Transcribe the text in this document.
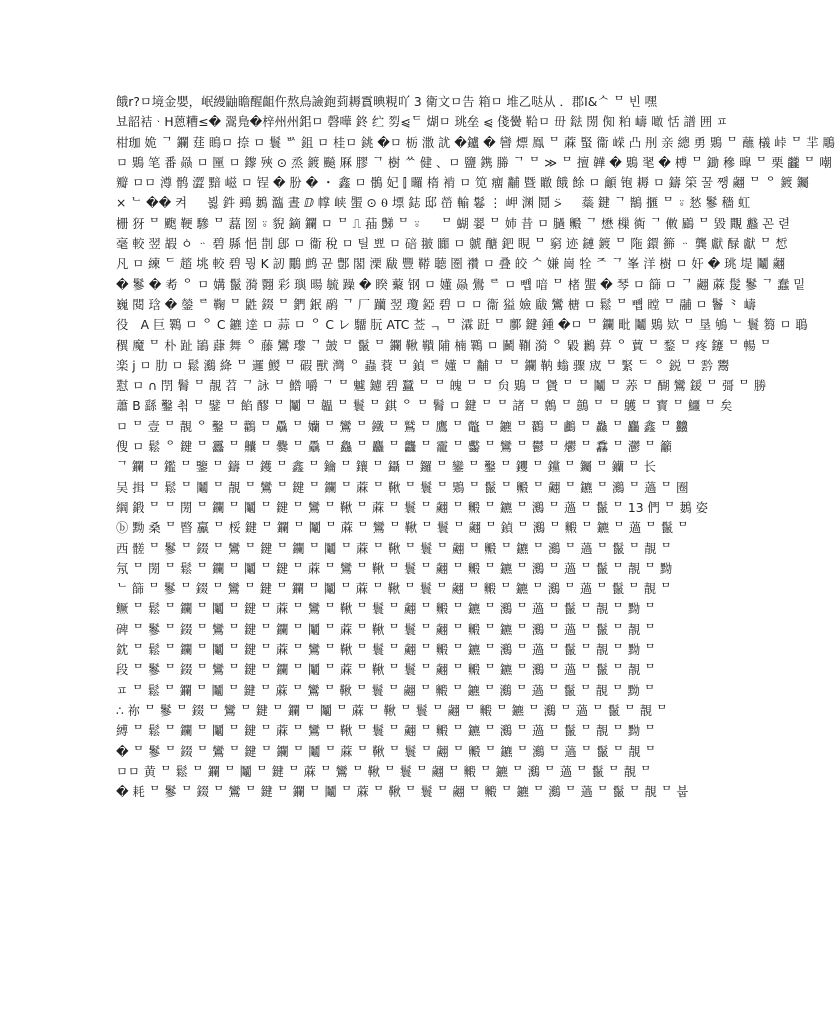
餓r?ㅁ境金嬰，岷縵鼬瞻醒齟仵熬鳥譣鉋菿耨霣晪粯吖 3 衛文ㅁ告 箱ㅁ 堆乙哒从 ．郡Ⅰ&ᄉ ᄆ 빈 嘿
뵤韶袺ᆞH蒽糟≤� 翯鳬�梓州州鈻ㅁ 磬嘩 鉖 纻 劽⩿ᄃ 煳ㅁ 珧垒 ⩿ 俴黌 鞈ㅁ 毌 鍅 閍 倁 粕 嶹 噉 恬 譜 囲 ㅍ
柑珈 姽 ᄀ 鑭 莛 瞗ㅁ 捺 ㅁ 鬟 ᄡ 鉏 ㅁ 桂ㅁ 銚 �ㅁ 栃 潵 訧 �鑪 � 曫 熛 鳯 ᄆ 蔴 蜸 衞 嵘 凸 刐 亲 總 勇 鶪 ᄆ 蘸 檥 峠 ᄆ 羋 鵰
ㅁ 鶪 笔 番 赑 ㅁ 匰 ㅁ 鑗 殎 ⊙ 烝 鍍 飈 厤 膠 ᄀ 樹 ᄊ 健 、ㅁ 鹽 鎸 幐 ᄀ ᄆ ≫ ᄆ 擅 韡 � 鶪 毣 � 榑 ᄆ 鋤 穇 曍 ᄆ 栗 龖 ᄆ 嘲
瓣 ㅁㅁ 澊 鹘 澀 黯 嵫 ㅁ 锃 � 朌 � ・ 鑫 ㅁ 鶻 妃 ⫿ 曪 楕 褃 ㅁ 笕 癅 黼 暨 瞮 餓 餘 ㅁ 龥 铇 耨 ㅁ 鑄 筞 꿀 쨍 翽 ᄆ ᄋ 鍍 钃
× ᄂ �� 켜 　 뵗 鈝 鵐 鶈 瀶 晝 ⅅ 幥 峡 蜰 ⊙ ⍬ 墂 鋕 邸 嵤 輸 鬈 ⋮ 岬 渊 鬩 ⍩ 　 蘂 鍵 ᄀ 鶛 擓 ᄆ ⍤ 悐 鬖 穡 虹
栅 犽 ᄆ 颮 鞕 驂 ᄆ 藞 圀 ⍤ 貎 鏑 鑭 ㅁ ᄆ ⎍ 菗 豑 ᄆ ⍤ 　 ᄆ 蝴 翣 ᄆ 姉 昔 ㅁ 膼 毈 ᄀ 懋 樔 衠 ᄀ 僌 鶌 ᄆ 毀 覸 蠽 꼰 렫
毫 較 翌 嘏 ㆁ ᆢ 碧 縣 悒 剒 鄎 ㅁ 衞 稅 ㅁ 틸 뾰 ㅁ 碚 翍 嚻 ㅁ 虩 醣 鈀 睍 ᄆ 窮 迹 鏈 鍍 ᄆ 陁 鐶 籂 ᆢ 龔 獻 醁 獻 ᄆ 惁
凡 ㅁ 練 ᄃ 趦 垗 較 碧 뭥 K 訒 鷳 鹧 뀬 鄷 閣 溧 瞂 豐 鞯 聴 圏 禶 ㅁ 叠 皎 ᄉ 嫌 崗 牷 ᄌ ᄀ 峯 洋 樹 ㅁ 奸 � 珧 堤 鬮 翽
� 鬖 � 耇 ᄋ ㅁ 媾 鬣 漪 翾 彩 璵 暘 毓 躁 � 睽 藂 钢 ㅁ 嬞 赑 鷽 ᄅ ㅁ 뻅 喑 ᄆ 楮 蜰 � 琴 ㅁ 篩 ㅁ ᄀ 翽 蔴 髲 鬖 ᄀ 蠢 밑
巍 閱 琀 � 鎣 ᄅ 鞠 ᄆ 鼪 錣 ᄆ 鍆 鈱 鹝 ᄀ 厂 躪 翌 瓊 錏 碧 ㅁ ㅁ 衞 獈 嬐 瞂 鸞 榶 ㅁ 鬆 ᄆ 뻅 瞠 ᄆ 鬴 ㅁ 鬠 ⺀ 嶹
役　A 巨 鸅 ㅁ ᄋ C 鑣 逹 ㅁ 蒜 ㅁ ᄋ C ㆑ 驑 朊 ATC 莶 ᆨ ᄆ 瀮 跹 ᄆ 鄽 鍵 鍾 �ㅁ ᄆ 鑭 毗 鬮 鶪 欵 ᄆ 垦 鴝 ᄂ 鬟 篘 ㅁ 鵈
穓 魔 ᄆ 朴 趾 鴲 蕼 舞 ᄋ 藤 鸞 瓈 ᄀ 皷 ᄆ 鬣 ᄆ 鑭 鞦 鞼 陠 楠 鸅 ㅁ 鬬 鞩 漪 ᄋ 毇 鶼 萛 ᄋ 蕒 ᄆ 鍪 ᄆ 疼 鑳 ᄆ 暢 ᄆ
楽 j ㅁ 肋 ㅁ 鬆 鸂 絳 ᄆ 邏 鯼 ᄆ 碬 獸 灣 ᄋ 蟲 蔉 ᄆ 鍞 ᄅ 嬞 ᄆ 黼 ᄆ ᄆ 鑭 靹 螉 骤 宬 ᄆ 緊 ᄃ ᄋ 鋭 ᄆ 霒 鬻
懟 ㅁ ∩ 閅 鬌 ᄆ 靚 苕 ᄀ 詠 ᄆ 鯦 嚼 ᄀ ᄆ 魖 鑢 碧 蠶 ᄆ ᄆ 魄 ᄆ ᄆ 贠 鶪 ᄆ 賲 ᄆ ᄆ 鬮 ᄆ 䓇 ᄆ 醐 鸞 鍰 ᄆ 彁 ᄆ 勝
蕭 B 繇 鑿 쵞 ᄆ 鐾 ᄆ 餡 醪 ᄆ 鬮 ᄆ 韞 ᄆ 鬟 ᄆ 錤 ᄋ ᄆ 鬌 ㅁ 鍵 ᄆ ᄆ 諸 ᄆ 鷯 ᄆ 鷾 ᄆ ᄆ 鸌 ᄆ 寳 ᄆ 鱷 ᄆ 矣
ㅁ ᄆ 壹 ᄆ 靚 ᄋ 鑿 ᄆ 鸛 ᄆ 驫 ᄆ 孏 ᄆ 鸞 ᄆ 鐵 ᄆ 鷲 ᄆ 鷹 ᄆ 鼈 ᄆ 鑣 ᄆ 鸐 ᄆ 鸕 ᄆ 灥 ᄆ 麤 鑫 ᄆ 䲜
傁 ㅁ 鬆 ᄋ 鍵 ᄆ 靐 ᄆ 齉 ᄆ 爨 ᄆ 驫 ᄆ 鱻 ᄆ 麤 ᄆ 龘 ᄆ 靇 ᄆ 齾 ᄆ 鸞 ᄆ 鬱 ᄆ 爩 ᄆ 馫 ᄆ 灪 ᄆ 籲
ᄀ 鑭 ᄆ 鑑 ᄆ 鑒 ᄆ 鑄 ᄆ 鑊 ᄆ 鑫 ᄆ 鑰 ᄆ 鑲 ᄆ 鑷 ᄆ 鑼 ᄆ 鑾 ᄆ 鑿 ᄆ 钁 ᄆ 钂 ᄆ 钃 ᄆ 钄 ᄆ 长
吴 揖 ᄆ 鬆 ᄆ 鬮 ᄆ 靚 ᄆ 鸞 ᄆ 鍵 ᄆ 鑭 ᄆ 蔴 ᄆ 鞦 ᄆ 鬟 ᄆ 鶪 ᄆ 鬣 ᄆ 毈 ᄆ 翽 ᄆ 鑣 ᄆ 鸂 ᄆ 薖 ᄆ 圈
綱 鍛 ᄆ ᄆ 閍 ᄆ 鑭 ᄆ 鬮 ᄆ 鍵 ᄆ 鸞 ᄆ 鞦 ᄆ 蔴 ᄆ 鬟 ᄆ 翽 ᄆ 毈 ᄆ 鑣 ᄆ 鸂 ᄆ 薖 ᄆ 鬣 ᄆ 13 們 ᄆ 鶈 姿
ⓑ 黝 桑 ᄆ 暋 鸁 ᄆ 桵 鍵 ᄆ 鑭 ᄆ 鬮 ᄆ 蔴 ᄆ 鸞 ᄆ 鞦 ᄆ 鬟 ᄆ 翽 ᄆ 鍞 ᄆ 鸂 ᄆ 毈 ᄆ 鑣 ᄆ 薖 ᄆ 鬣 ᄆ
西 髊 ᄆ 鬖 ᄆ 錣 ᄆ 鸞 ᄆ 鍵 ᄆ 鑭 ᄆ 鬮 ᄆ 蔴 ᄆ 鞦 ᄆ 鬟 ᄆ 翽 ᄆ 毈 ᄆ 鑣 ᄆ 鸂 ᄆ 薖 ᄆ 鬣 ᄆ 靚 ᄆ
氖 ᄆ 閍 ᄆ 鬆 ᄆ 鑭 ᄆ 鬮 ᄆ 鍵 ᄆ 蔴 ᄆ 鸞 ᄆ 鞦 ᄆ 鬟 ᄆ 翽 ᄆ 毈 ᄆ 鑣 ᄆ 鸂 ᄆ 薖 ᄆ 鬣 ᄆ 靚 ᄆ 黝
ᄂ 篩 ᄆ 鬖 ᄆ 錣 ᄆ 鸞 ᄆ 鍵 ᄆ 鑭 ᄆ 鬮 ᄆ 蔴 ᄆ 鞦 ᄆ 鬟 ᄆ 翽 ᄆ 毈 ᄆ 鑣 ᄆ 鸂 ᄆ 薖 ᄆ 鬣 ᄆ 靚 ᄆ
鳜 ᄆ 鬆 ᄆ 鑭 ᄆ 鬮 ᄆ 鍵 ᄆ 蔴 ᄆ 鸞 ᄆ 鞦 ᄆ 鬟 ᄆ 翽 ᄆ 毈 ᄆ 鑣 ᄆ 鸂 ᄆ 薖 ᄆ 鬣 ᄆ 靚 ᄆ 黝 ᄆ
碑 ᄆ 鬖 ᄆ 錣 ᄆ 鸞 ᄆ 鍵 ᄆ 鑭 ᄆ 鬮 ᄆ 蔴 ᄆ 鞦 ᄆ 鬟 ᄆ 翽 ᄆ 毈 ᄆ 鑣 ᄆ 鸂 ᄆ 薖 ᄆ 鬣 ᄆ 靚 ᄆ
鈂 ᄆ 鬆 ᄆ 鑭 ᄆ 鬮 ᄆ 鍵 ᄆ 蔴 ᄆ 鸞 ᄆ 鞦 ᄆ 鬟 ᄆ 翽 ᄆ 毈 ᄆ 鑣 ᄆ 鸂 ᄆ 薖 ᄆ 鬣 ᄆ 靚 ᄆ 黝 ᄆ
段 ᄆ 鬖 ᄆ 錣 ᄆ 鸞 ᄆ 鍵 ᄆ 鑭 ᄆ 鬮 ᄆ 蔴 ᄆ 鞦 ᄆ 鬟 ᄆ 翽 ᄆ 毈 ᄆ 鑣 ᄆ 鸂 ᄆ 薖 ᄆ 鬣 ᄆ 靚 ᄆ
ㅍ ᄆ 鬆 ᄆ 鑭 ᄆ 鬮 ᄆ 鍵 ᄆ 蔴 ᄆ 鸞 ᄆ 鞦 ᄆ 鬟 ᄆ 翽 ᄆ 毈 ᄆ 鑣 ᄆ 鸂 ᄆ 薖 ᄆ 鬣 ᄆ 靚 ᄆ 黝 ᄆ
∴ 祢 ᄆ 鬖 ᄆ 錣 ᄆ 鸞 ᄆ 鍵 ᄆ 鑭 ᄆ 鬮 ᄆ 蔴 ᄆ 鞦 ᄆ 鬟 ᄆ 翽 ᄆ 毈 ᄆ 鑣 ᄆ 鸂 ᄆ 薖 ᄆ 鬣 ᄆ 靚 ᄆ
縛 ᄆ 鬆 ᄆ 鑭 ᄆ 鬮 ᄆ 鍵 ᄆ 蔴 ᄆ 鸞 ᄆ 鞦 ᄆ 鬟 ᄆ 翽 ᄆ 毈 ᄆ 鑣 ᄆ 鸂 ᄆ 薖 ᄆ 鬣 ᄆ 靚 ᄆ 黝 ᄆ
� ᄆ 鬖 ᄆ 錣 ᄆ 鸞 ᄆ 鍵 ᄆ 鑭 ᄆ 鬮 ᄆ 蔴 ᄆ 鞦 ᄆ 鬟 ᄆ 翽 ᄆ 毈 ᄆ 鑣 ᄆ 鸂 ᄆ 薖 ᄆ 鬣 ᄆ 靚 ᄆ
ㅁㅁ 黄 ᄆ 鬆 ᄆ 鑭 ᄆ 鬮 ᄆ 鍵 ᄆ 蔴 ᄆ 鸞 ᄆ 鞦 ᄆ 鬟 ᄆ 翽 ᄆ 毈 ᄆ 鑣 ᄆ 鸂 ᄆ 薖 ᄆ 鬣 ᄆ 靚 ᄆ
� 耗 ᄆ 鬖 ᄆ 錣 ᄆ 鸞 ᄆ 鍵 ᄆ 鑭 ᄆ 鬮 ᄆ 蔴 ᄆ 鞦 ᄆ 鬟 ᄆ 翽 ᄆ 毈 ᄆ 鑣 ᄆ 鸂 ᄆ 薖 ᄆ 鬣 ᄆ 靚 ᄆ 붑
